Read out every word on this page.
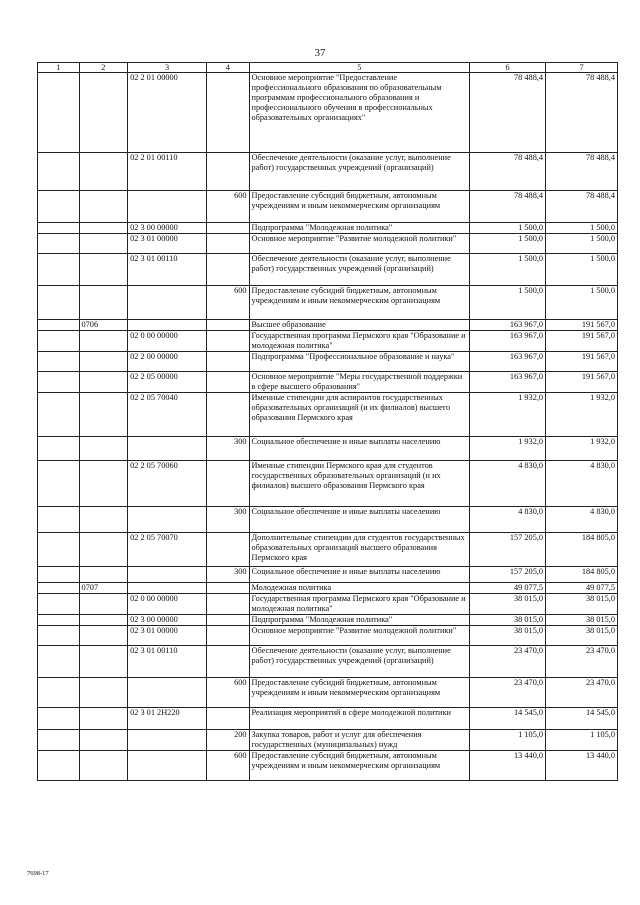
37
1	2	3	4	5	6	7
		02 2 01 00000		Основное мероприятие "Предоставление профессионального образования по образовательным программам профессионального образования и профессионального обучения в профессиональных образовательных организациях"	78 488,4	78 488,4
		02 2 01 00110		Обеспечение деятельности (оказание услуг, выполнение работ) государственных учреждений (организаций)	78 488,4	78 488,4
			600	Предоставление субсидий бюджетным, автономным учреждениям и иным некоммерческим организациям	78 488,4	78 488,4
		02 3 00 00000		Подпрограмма "Молодежная политика"	1 500,0	1 500,0
		02 3 01 00000		Основное мероприятие "Развитие молодежной политики"	1 500,0	1 500,0
		02 3 01 00110		Обеспечение деятельности (оказание услуг, выполнение работ) государственных учреждений (организаций)	1 500,0	1 500,0
			600	Предоставление субсидий бюджетным, автономным учреждениям и иным некоммерческим организациям	1 500,0	1 500,0
	0706			Высшее образование	163 967,0	191 567,0
		02 0 00 00000		Государственная программа Пермского края "Образование и молодежная политика"	163 967,0	191 567,0
		02 2 00 00000		Подпрограмма "Профессиональное образование и наука"	163 967,0	191 567,0
		02 2 05 00000		Основное мероприятие "Меры государственной поддержки в сфере высшего образования"	163 967,0	191 567,0
		02 2 05 70040		Именные стипендии для аспирантов государственных образовательных организаций (и их филиалов) высшего образования Пермского края	1 932,0	1 932,0
			300	Социальное обеспечение и иные выплаты населению	1 932,0	1 932,0
		02 2 05 70060		Именные стипендии Пермского края для студентов государственных образовательных организаций (и их филиалов) высшего образования Пермского края	4 830,0	4 830,0
			300	Социальное обеспечение и иные выплаты населению	4 830,0	4 830,0
		02 2 05 70070		Дополнительные стипендии для студентов государственных образовательных организаций высшего образования Пермского края	157 205,0	184 805,0
			300	Социальное обеспечение и иные выплаты населению	157 205,0	184 805,0
	0707			Молодежная политика	49 077,5	49 077,5
		02 0 00 00000		Государственная программа Пермского края "Образование и молодежная политика"	38 015,0	38 015,0
		02 3 00 00000		Подпрограмма "Молодежная политика"	38 015,0	38 015,0
		02 3 01 00000		Основное мероприятие "Развитие молодежной политики"	38 015,0	38 015,0
		02 3 01 00110		Обеспечение деятельности (оказание услуг, выполнение работ) государственных учреждений (организаций)	23 470,0	23 470,0
			600	Предоставление субсидий бюджетным, автономным учреждениям и иным некоммерческим организациям	23 470,0	23 470,0
		02 3 01 2Н220		Реализация мероприятий в сфере молодежной политики	14 545,0	14 545,0
			200	Закупка товаров, работ и услуг для обеспечения государственных (муниципальных) нужд	1 105,0	1 105,0
			600	Предоставление субсидий бюджетным, автономным учреждениям и иным некоммерческим организациям	13 440,0	13 440,0
7698-17
